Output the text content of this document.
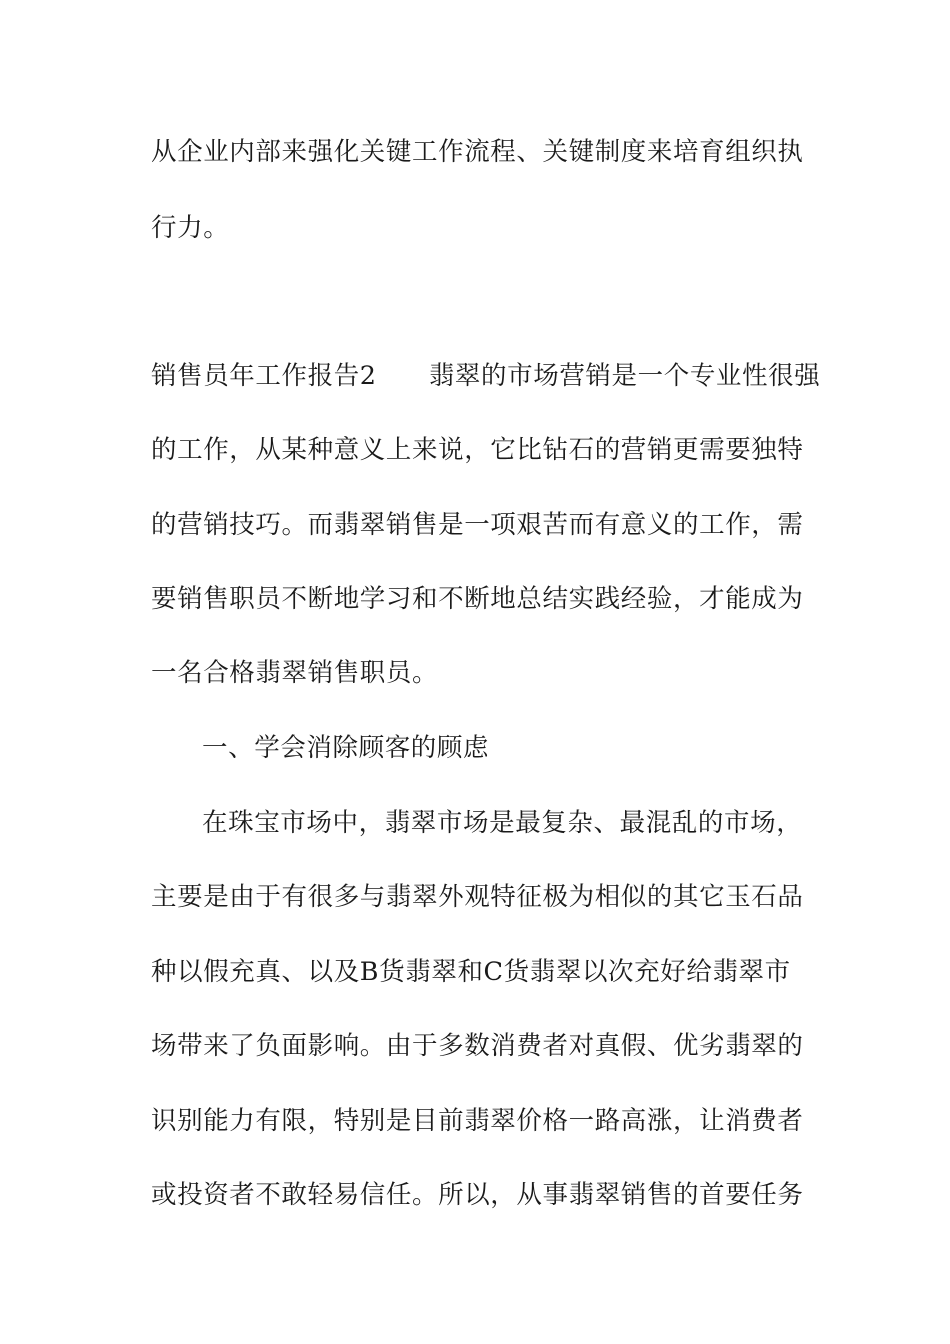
从企业内部来强化关键工作流程、关键制度来培育组织执
行力。
销售员年工作报告2　　翡翠的市场营销是一个专业性很强
的工作，从某种意义上来说，它比钻石的营销更需要独特
的营销技巧。而翡翠销售是一项艰苦而有意义的工作，需
要销售职员不断地学习和不断地总结实践经验，才能成为
一名合格翡翠销售职员。
一、学会消除顾客的顾虑
在珠宝市场中，翡翠市场是最复杂、最混乱的市场，
主要是由于有很多与翡翠外观特征极为相似的其它玉石品
种以假充真、以及B货翡翠和C货翡翠以次充好给翡翠市
场带来了负面影响。由于多数消费者对真假、优劣翡翠的
识别能力有限，特别是目前翡翠价格一路高涨，让消费者
或投资者不敢轻易信任。所以，从事翡翠销售的首要任务
